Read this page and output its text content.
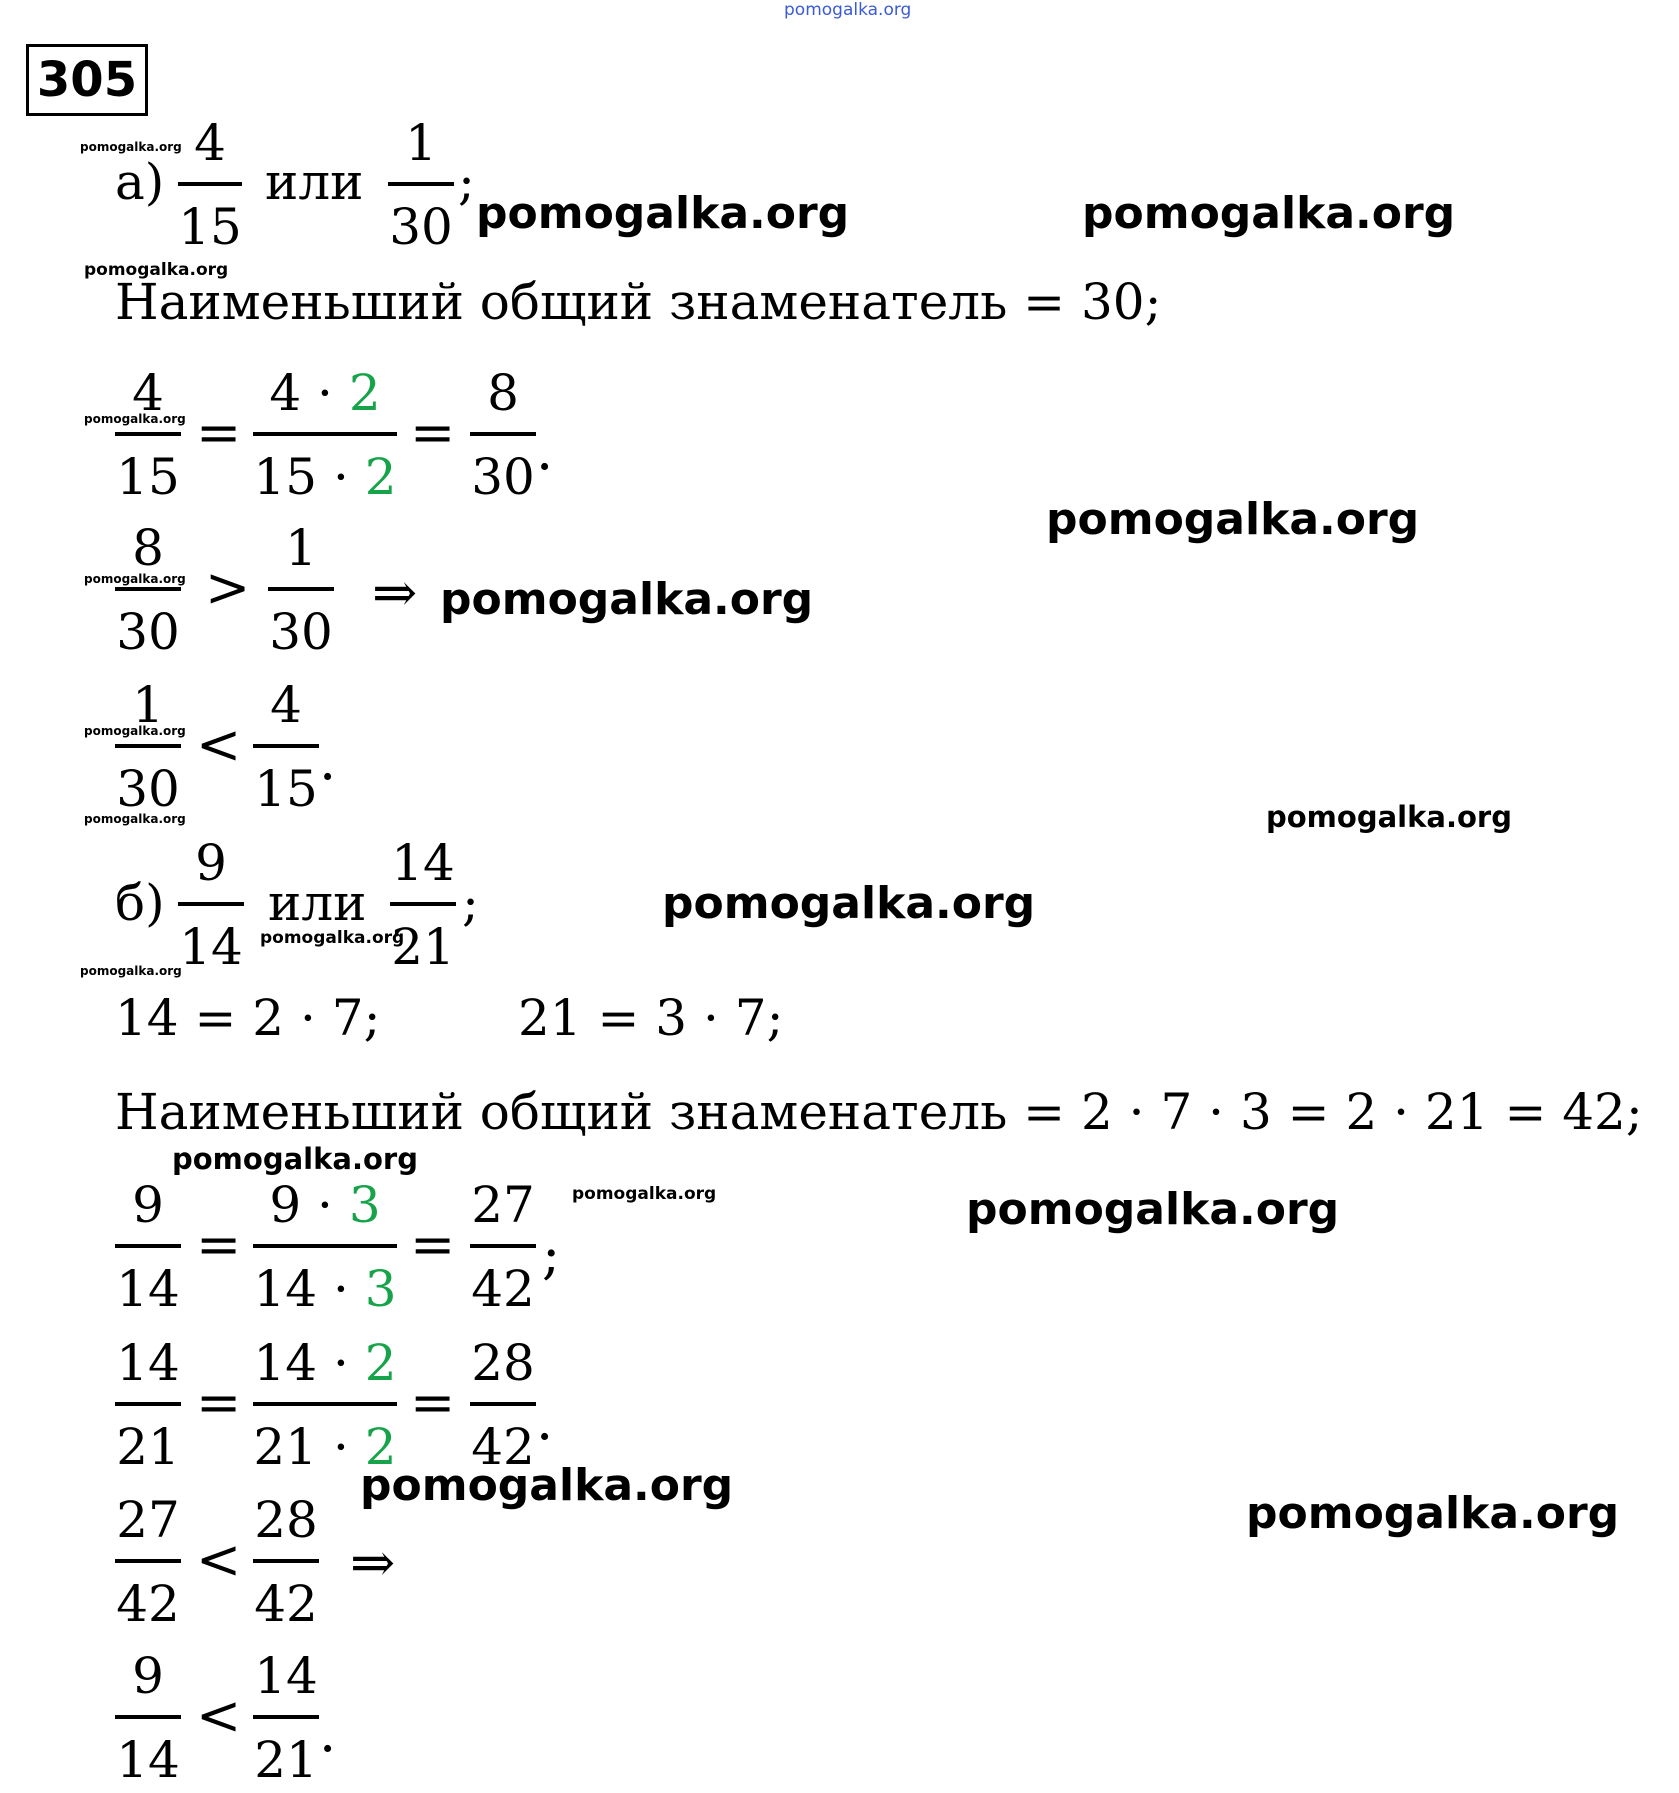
pomogalka.org
305
а)
4
15
или
1
30
;
Наименьший общий знаменатель = 30;
4
15
=
4 · 2
15 · 2
=
8
30 .
8
30
>
1
30
⇒
1
30
<
4
15 .
б)
9
14
или
14
21
;
14 = 2 · 7;	21 = 3 · 7;
Наименьший общий знаменатель = 2 · 7 · 3 = 2 · 21 = 42;
9
14
=
9 · 3
14 · 3
=
27
42
;
14
21
=
14 · 2
21 · 2
=
28
42 .
27
42
<
28
42
⇒
9
14
<
14
21 .
pomogalka.org	pomogalka.org
pomogalka.org
pomogalka.org
pomogalka.org
pomogalka.org
pomogalka.org
pomogalka.org
pomogalka.org
pomogalka.org
pomogalka.org
pomogalka.org
pomogalka.org
pomogalka.org
pomogalka.org
pomogalka.org
pomogalka.org
pomogalka.org
pomogalka.org
